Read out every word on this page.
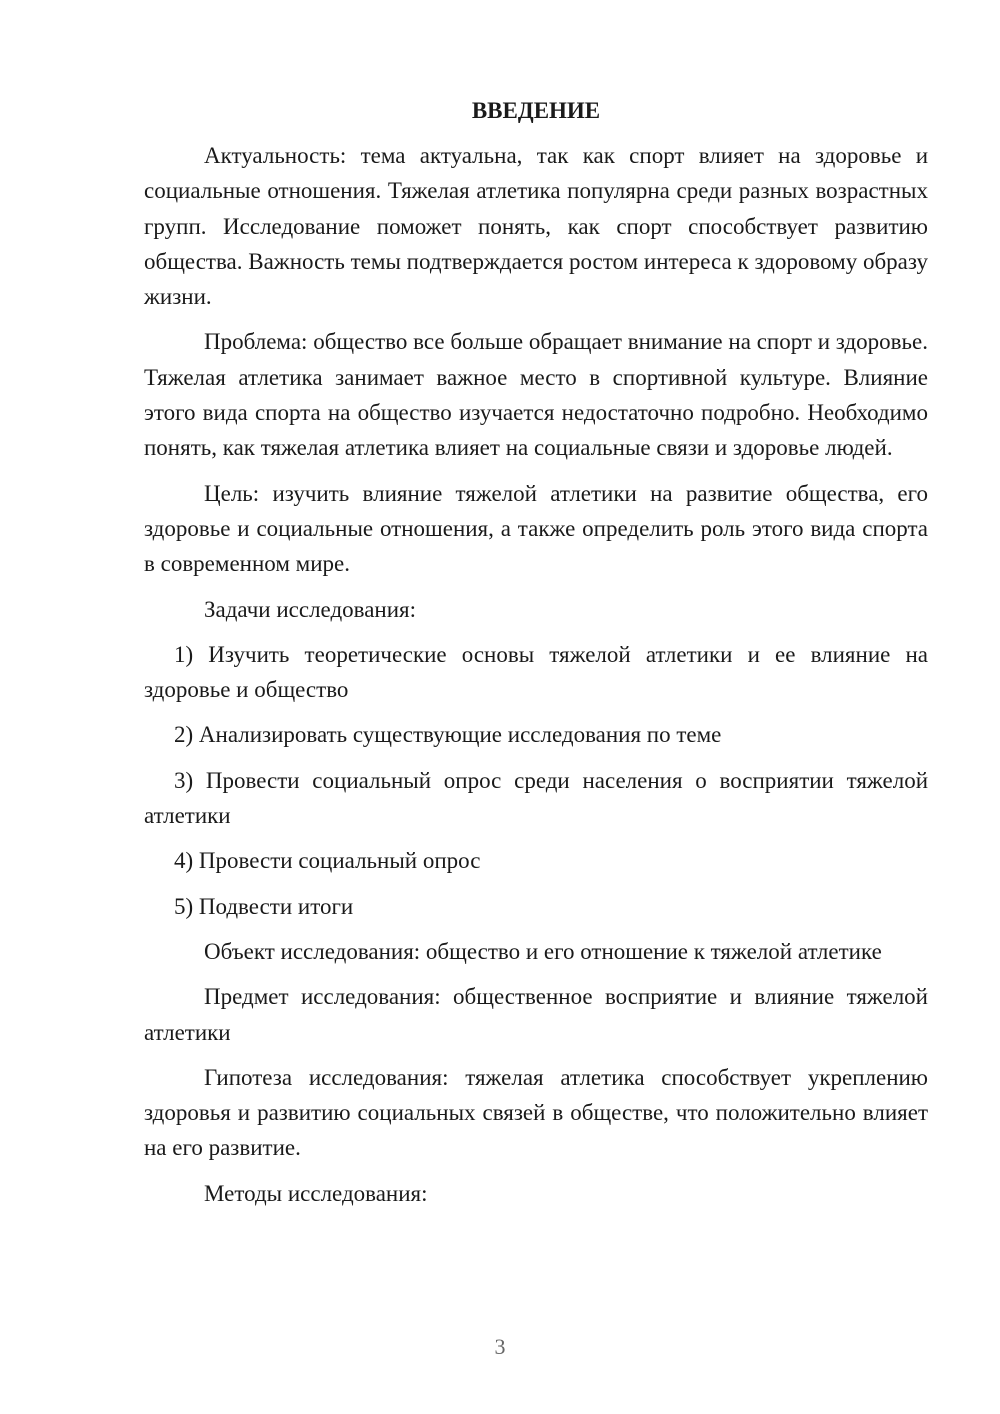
ВВЕДЕНИЕ

Актуальность: тема актуальна, так как спорт влияет на здоровье и социальные отношения. Тяжелая атлетика популярна среди разных возрастных групп. Исследование поможет понять, как спорт способствует развитию общества. Важность темы подтверждается ростом интереса к здоровому образу жизни.

Проблема: общество все больше обращает внимание на спорт и здоровье. Тяжелая атлетика занимает важное место в спортивной культуре. Влияние этого вида спорта на общество изучается недостаточно подробно. Необходимо понять, как тяжелая атлетика влияет на социальные связи и здоровье людей.

Цель: изучить влияние тяжелой атлетики на развитие общества, его здоровье и социальные отношения, а также определить роль этого вида спорта в современном мире.

Задачи исследования:

1) Изучить теоретические основы тяжелой атлетики и ее влияние на здоровье и общество

2) Анализировать существующие исследования по теме

3) Провести социальный опрос среди населения о восприятии тяжелой атлетики

4) Провести социальный опрос

5) Подвести итоги

Объект исследования: общество и его отношение к тяжелой атлетике

Предмет исследования: общественное восприятие и влияние тяжелой атлетики

Гипотеза исследования: тяжелая атлетика способствует укреплению здоровья и развитию социальных связей в обществе, что положительно влияет на его развитие.

Методы исследования:

3
